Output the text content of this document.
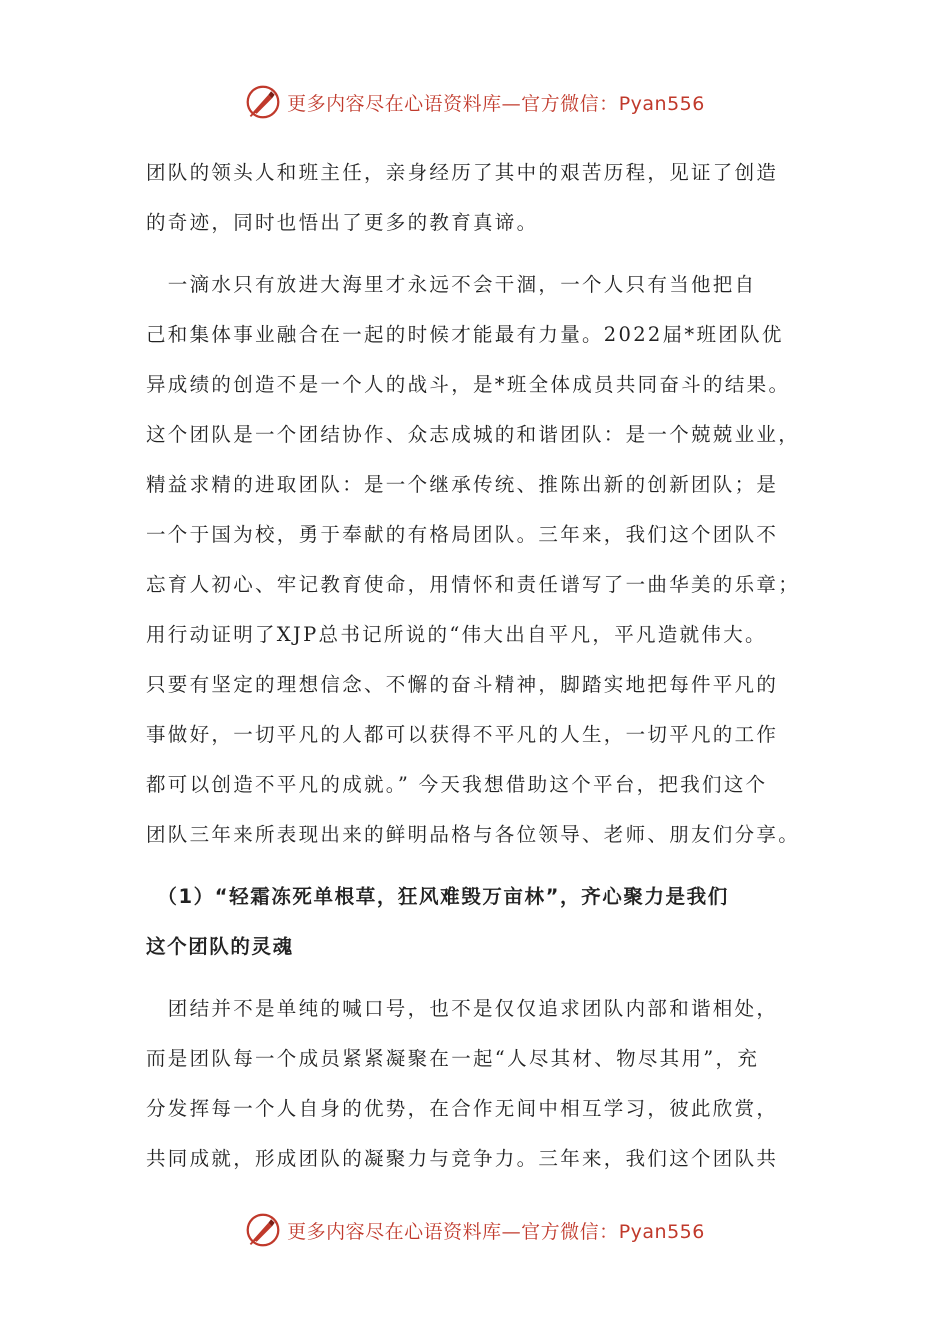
更多内容尽在心语资料库—官方微信：Pyan556
团队的领头人和班主任，亲身经历了其中的艰苦历程，见证了创造
的奇迹，同时也悟出了更多的教育真谛。
　一滴水只有放进大海里才永远不会干涸，一个人只有当他把自
己和集体事业融合在一起的时候才能最有力量。2022届*班团队优
异成绩的创造不是一个人的战斗，是*班全体成员共同奋斗的结果。
这个团队是一个团结协作、众志成城的和谐团队：是一个兢兢业业，
精益求精的进取团队：是一个继承传统、推陈出新的创新团队；是
一个于国为校，勇于奉献的有格局团队。三年来，我们这个团队不
忘育人初心、牢记教育使命，用情怀和责任谱写了一曲华美的乐章；
用行动证明了XJP总书记所说的“伟大出自平凡，平凡造就伟大。
只要有坚定的理想信念、不懈的奋斗精神，脚踏实地把每件平凡的
事做好，一切平凡的人都可以获得不平凡的人生，一切平凡的工作
都可以创造不平凡的成就。” 今天我想借助这个平台，把我们这个
团队三年来所表现出来的鲜明品格与各位领导、老师、朋友们分享。
　（1）“轻霜冻死单根草，狂风难毁万亩林”，齐心聚力是我们
这个团队的灵魂
　团结并不是单纯的喊口号，也不是仅仅追求团队内部和谐相处，
而是团队每一个成员紧紧凝聚在一起“人尽其材、物尽其用”，充
分发挥每一个人自身的优势，在合作无间中相互学习，彼此欣赏，
共同成就，形成团队的凝聚力与竞争力。三年来，我们这个团队共
更多内容尽在心语资料库—官方微信：Pyan556
